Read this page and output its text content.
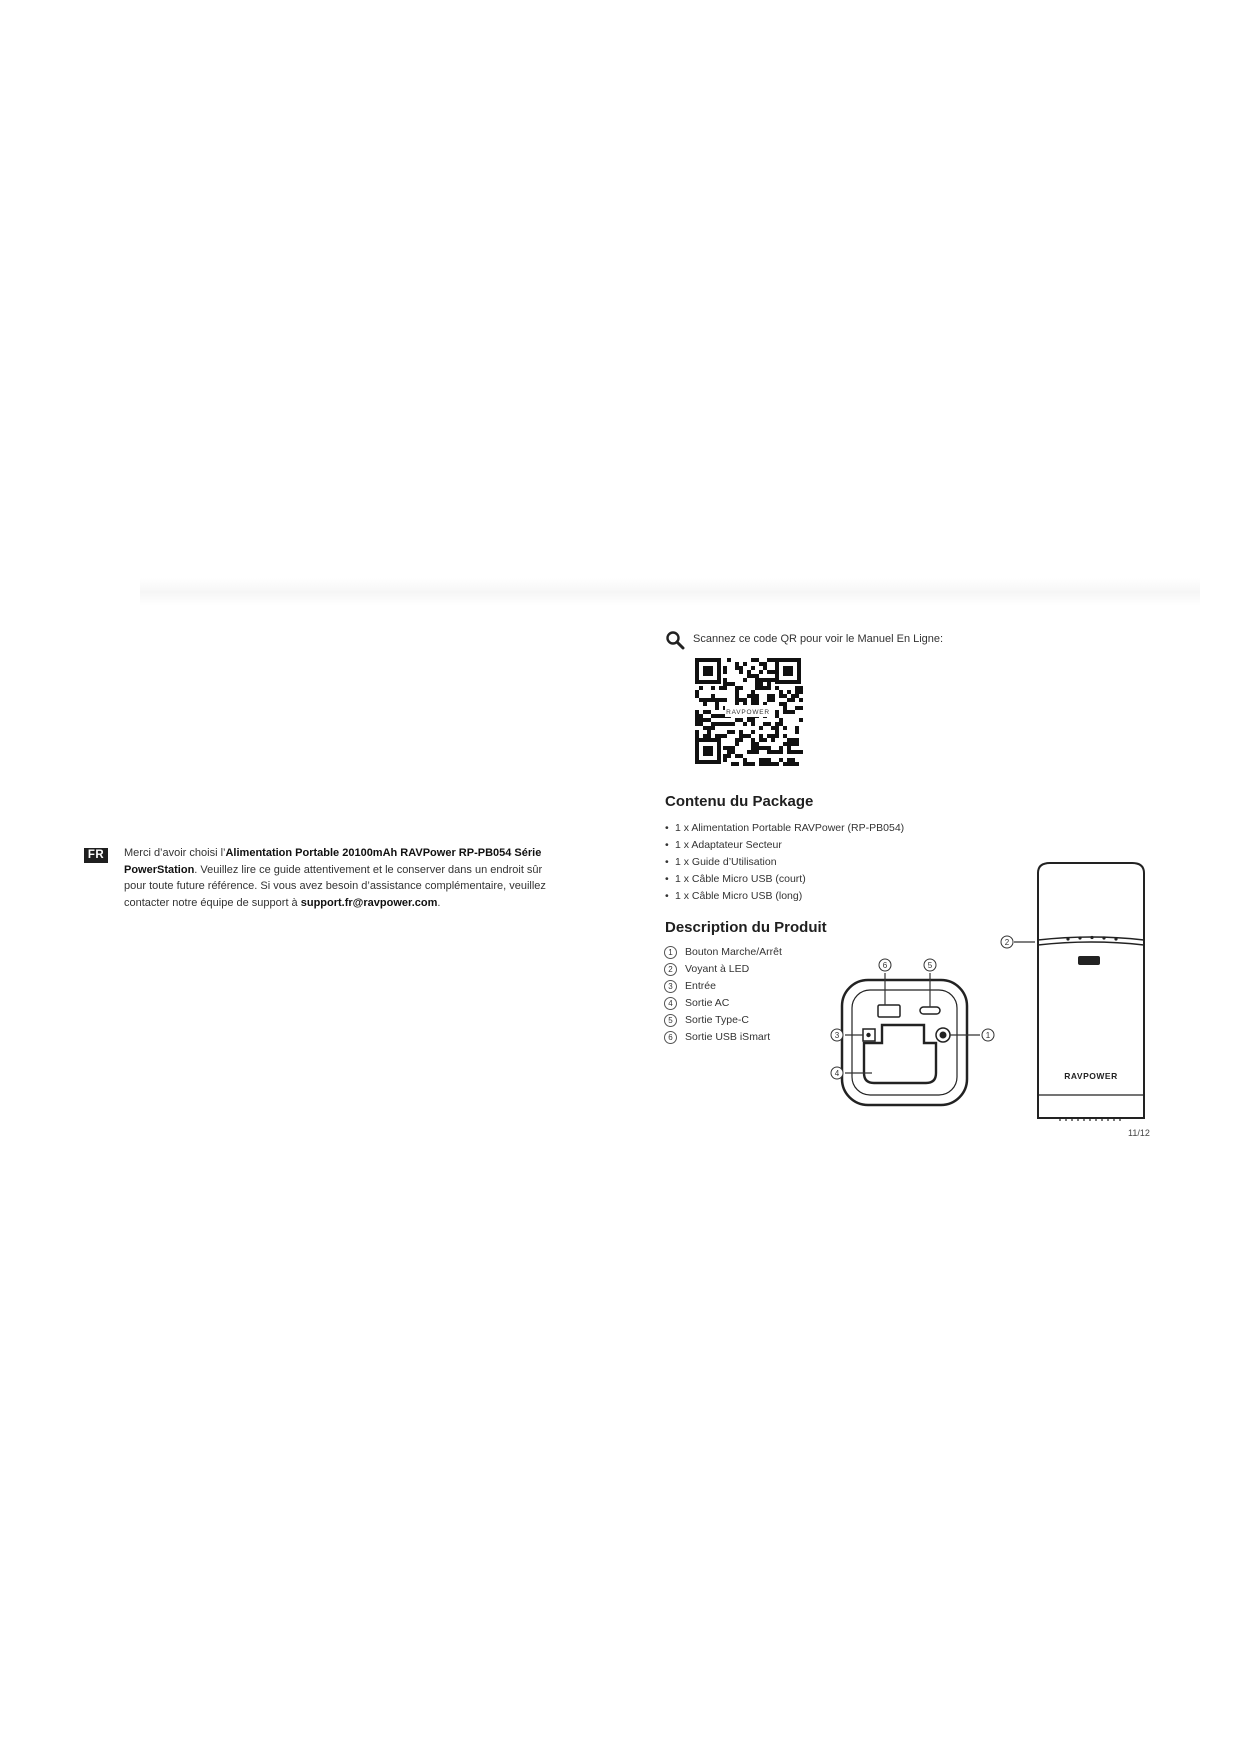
FR	Merci d’avoir choisi l’Alimentation Portable 20100mAh RAVPower RP-PB054 Série PowerStation. Veuillez lire ce guide attentivement et le conserver dans un endroit sûr pour toute future référence. Si vous avez besoin d’assistance complémentaire, veuillez contacter notre équipe de support à support.fr@ravpower.com.

Scannez ce code QR pour voir le Manuel En Ligne:
RAVPOWER
Contenu du Package
• 1 x Alimentation Portable RAVPower (RP-PB054)
• 1 x Adaptateur Secteur
• 1 x Guide d’Utilisation
• 1 x Câble Micro USB (court)
• 1 x Câble Micro USB (long)
Description du Produit
1	Bouton Marche/Arrêt
2	Voyant à LED
3	Entrée
4	Sortie AC
5	Sortie Type-C
6	Sortie USB iSmart
6	5
3	1
4
2
RAVPOWER
11/12
